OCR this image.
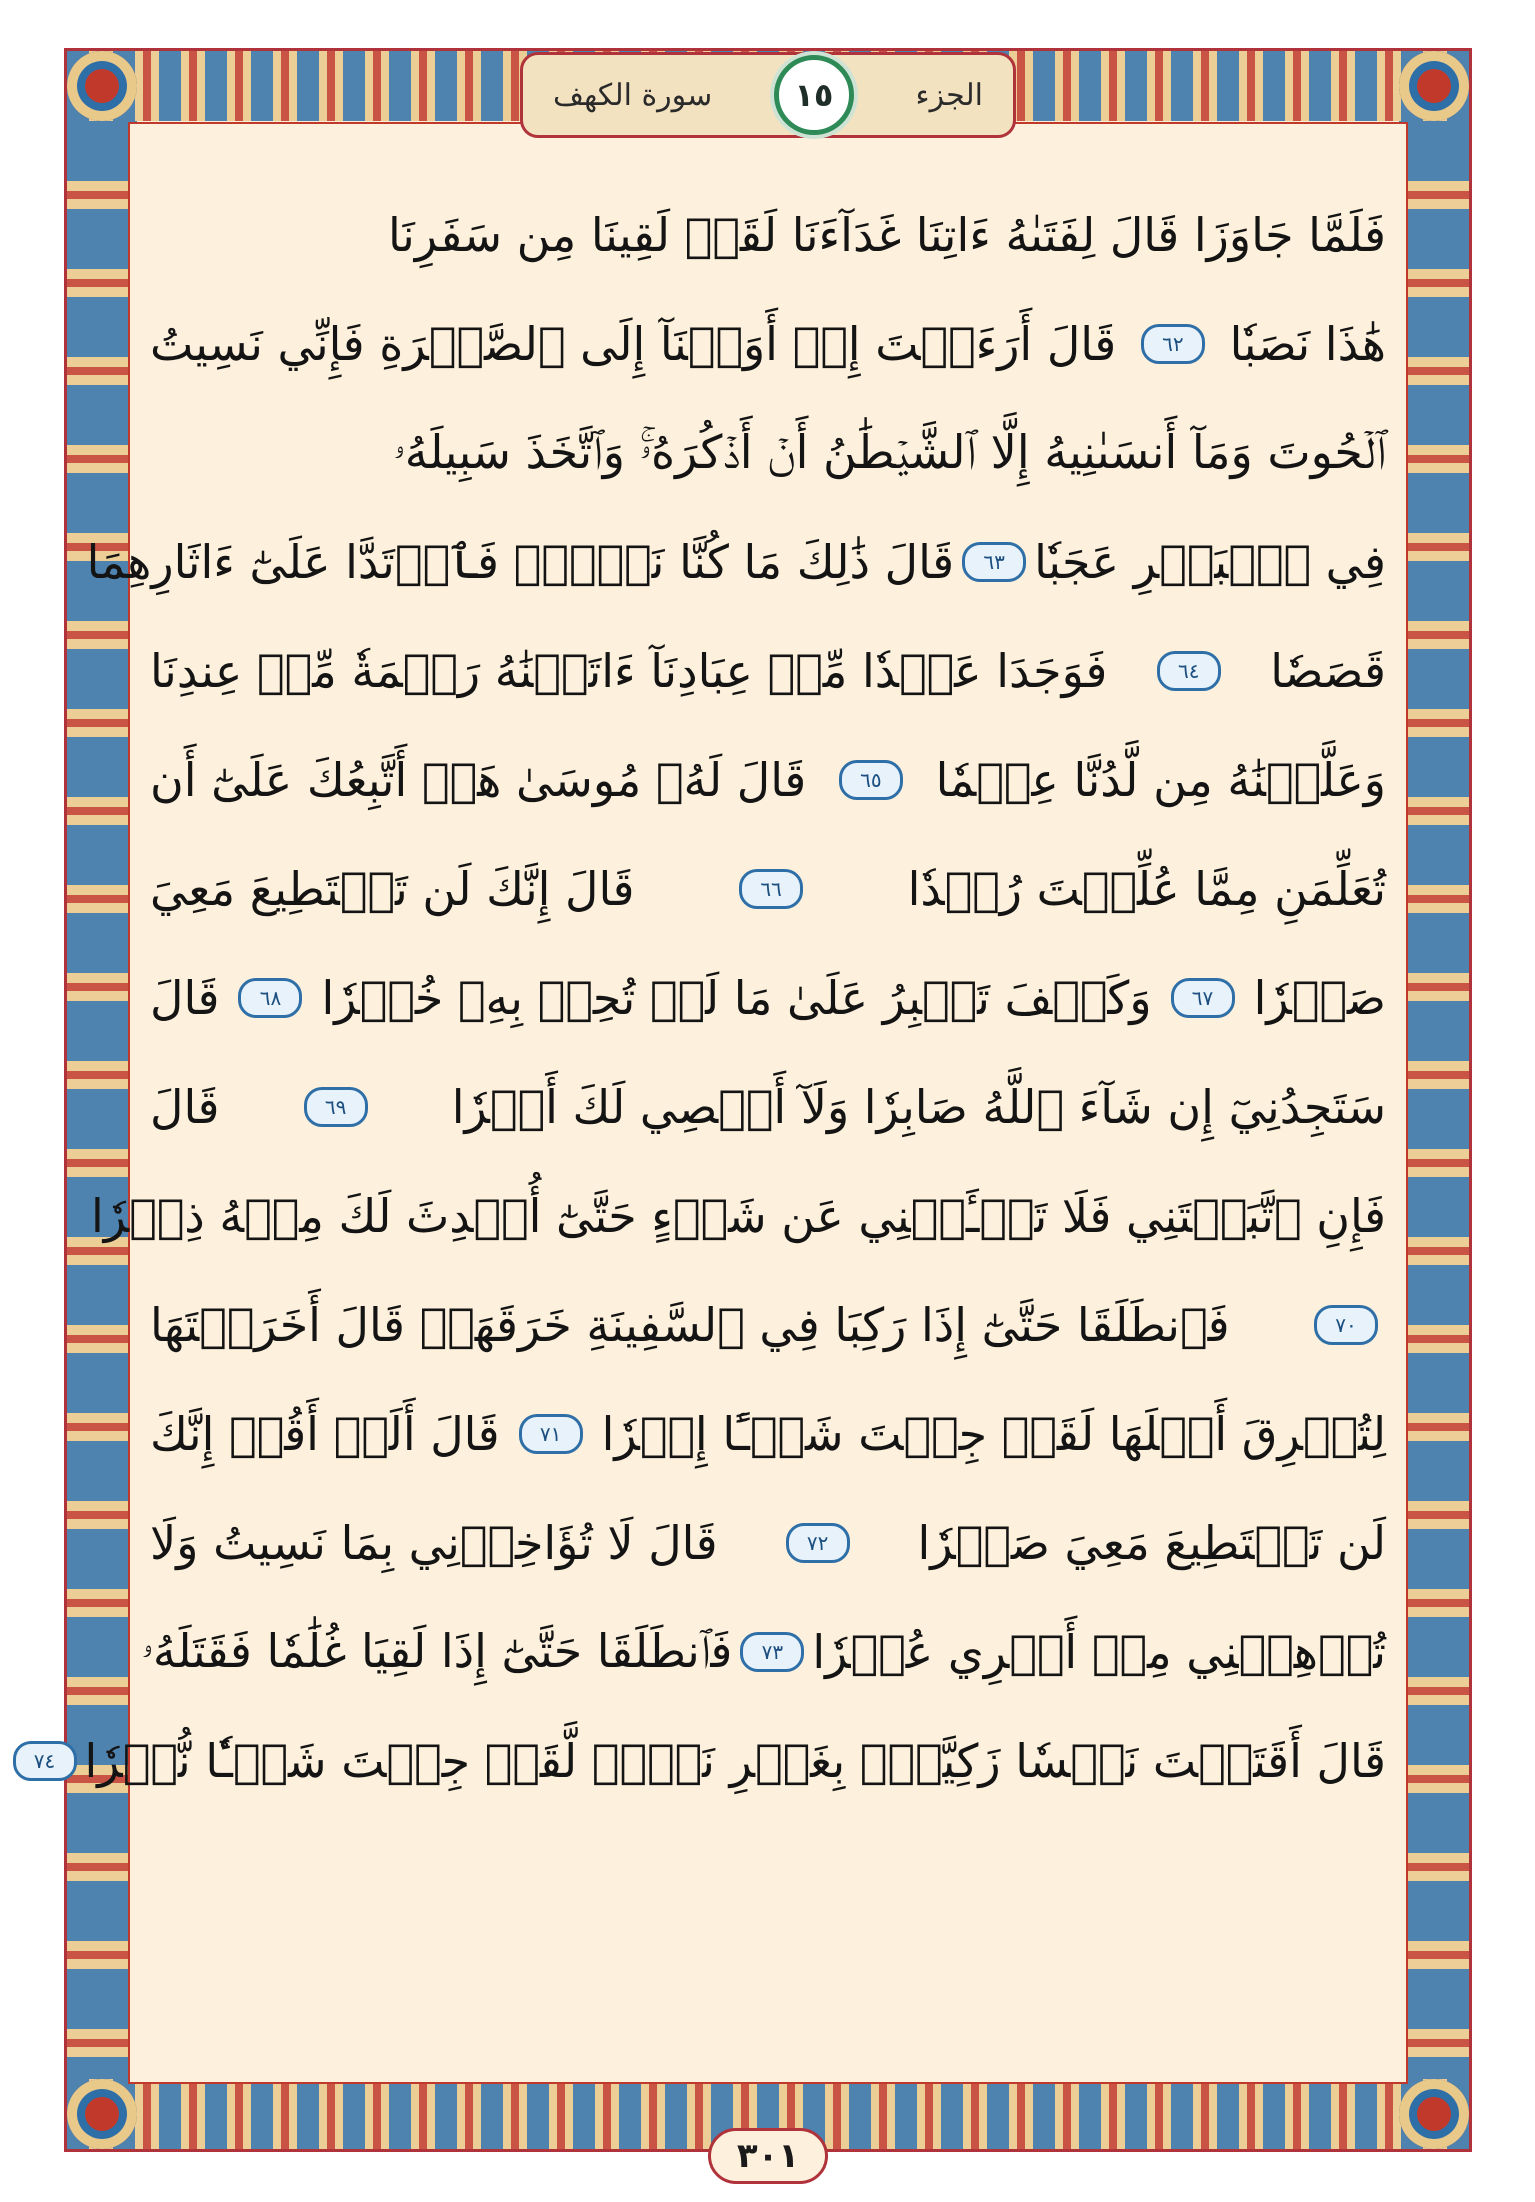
الجزء
١٥
سورة الكهف
فَلَمَّا جَاوَزَا قَالَ لِفَتَىٰهُ ءَاتِنَا غَدَآءَنَا لَقَدۡ لَقِينَا مِن سَفَرِنَا
هَٰذَا نَصَبٗا
٦٢
قَالَ أَرَءَيۡتَ إِذۡ أَوَيۡنَآ إِلَى ٱلصَّخۡرَةِ فَإِنِّي نَسِيتُ
ٱلۡحُوتَ وَمَآ أَنسَىٰنِيهُ إِلَّا ٱلشَّيۡطَٰنُ أَنۡ أَذۡكُرَهُۥۚ وَٱتَّخَذَ سَبِيلَهُۥ
فِي ٱلۡبَحۡرِ عَجَبٗا
٦٣
قَالَ ذَٰلِكَ مَا كُنَّا نَبۡغِۚ فَٱرۡتَدَّا عَلَىٰٓ ءَاثَارِهِمَا
قَصَصٗا
٦٤
فَوَجَدَا عَبۡدٗا مِّنۡ عِبَادِنَآ ءَاتَيۡنَٰهُ رَحۡمَةٗ مِّنۡ عِندِنَا
وَعَلَّمۡنَٰهُ مِن لَّدُنَّا عِلۡمٗا
٦٥
قَالَ لَهُۥ مُوسَىٰ هَلۡ أَتَّبِعُكَ عَلَىٰٓ أَن
تُعَلِّمَنِ مِمَّا عُلِّمۡتَ رُشۡدٗا
٦٦
قَالَ إِنَّكَ لَن تَسۡتَطِيعَ مَعِيَ
صَبۡرٗا
٦٧
وَكَيۡفَ تَصۡبِرُ عَلَىٰ مَا لَمۡ تُحِطۡ بِهِۦ خُبۡرٗا
٦٨
قَالَ
سَتَجِدُنِيٓ إِن شَآءَ ٱللَّهُ صَابِرٗا وَلَآ أَعۡصِي لَكَ أَمۡرٗا
٦٩
قَالَ
فَإِنِ ٱتَّبَعۡتَنِي فَلَا تَسۡـَٔلۡنِي عَن شَيۡءٍ حَتَّىٰٓ أُحۡدِثَ لَكَ مِنۡهُ ذِكۡرٗا
٧٠
فَٱنطَلَقَا حَتَّىٰٓ إِذَا رَكِبَا فِي ٱلسَّفِينَةِ خَرَقَهَاۖ قَالَ أَخَرَقۡتَهَا
لِتُغۡرِقَ أَهۡلَهَا لَقَدۡ جِئۡتَ شَيۡـًٔا إِمۡرٗا
٧١
قَالَ أَلَمۡ أَقُلۡ إِنَّكَ
لَن تَسۡتَطِيعَ مَعِيَ صَبۡرٗا
٧٢
قَالَ لَا تُؤَاخِذۡنِي بِمَا نَسِيتُ وَلَا
تُرۡهِقۡنِي مِنۡ أَمۡرِي عُسۡرٗا
٧٣
فَٱنطَلَقَا حَتَّىٰٓ إِذَا لَقِيَا غُلَٰمٗا فَقَتَلَهُۥ
قَالَ أَقَتَلۡتَ نَفۡسٗا زَكِيَّةَۢ بِغَيۡرِ نَفۡسٖ لَّقَدۡ جِئۡتَ شَيۡـٔٗا نُّكۡرٗا
٧٤
٣٠١
